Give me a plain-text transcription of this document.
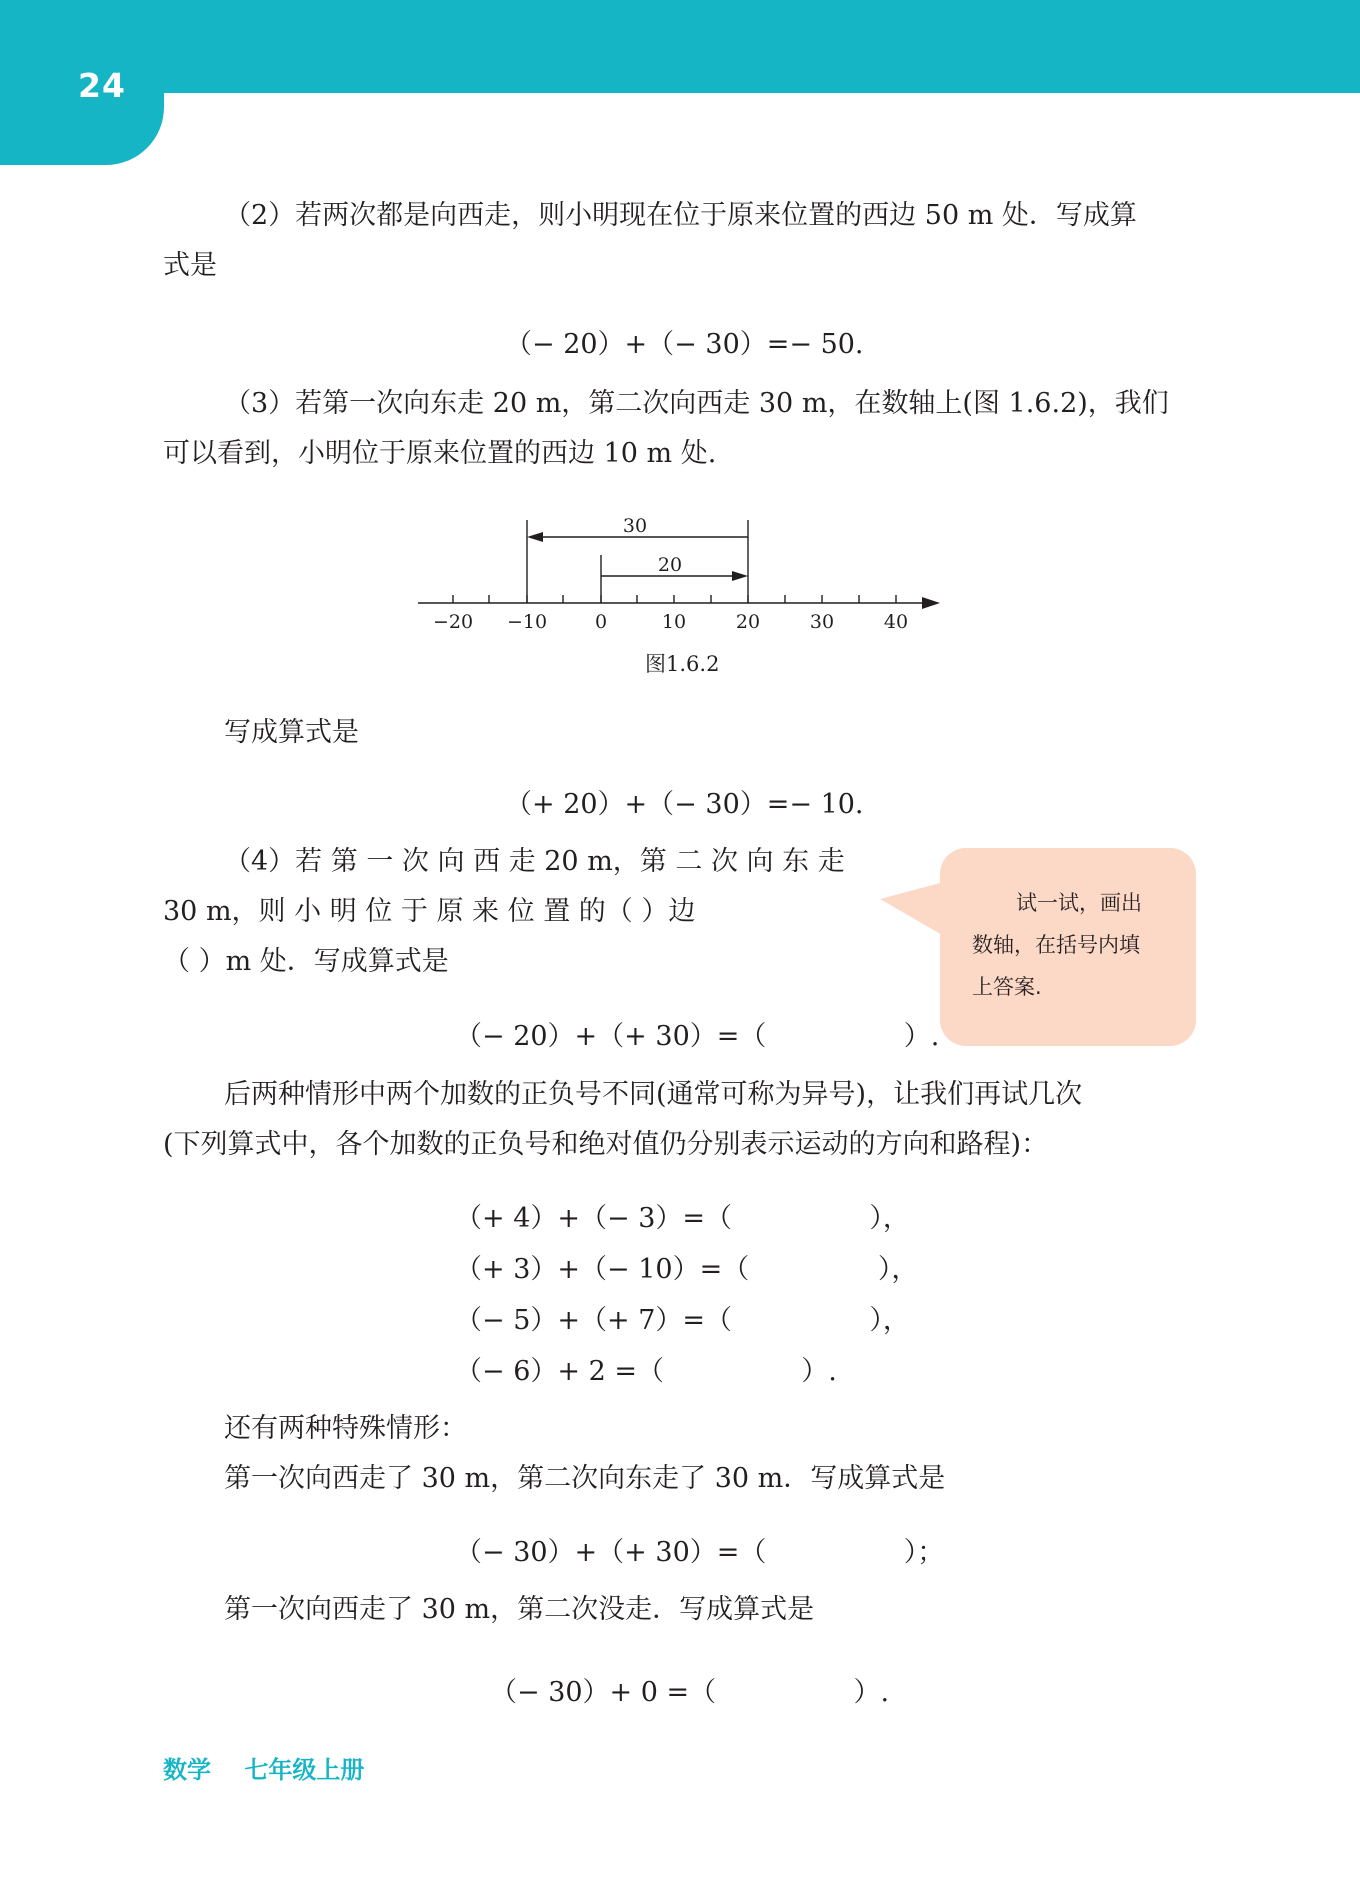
24

（2）若两次都是向西走，则小明现在位于原来位置的西边 50 m 处．写成算

式是

（− 20）+（− 30）=− 50.

（3）若第一次向东走 20 m，第二次向西走 30 m，在数轴上(图 1.6.2)，我们

可以看到，小明位于原来位置的西边 10 m 处.

−20 −10	0	10	20	30	40
30
20
图1.6.2

写成算式是

（+ 20）+（− 30）=− 10.

（4）若 第 一 次 向 西 走 20 m，第 二 次 向 东 走

30 m，则 小 明 位 于 原 来 位 置 的（ ）边

（ ）m 处．写成算式是

（− 20）+（+ 30）=（                ）.
试一试，画出
数轴，在括号内填
上答案.

后两种情形中两个加数的正负号不同(通常可称为异号)，让我们再试几次

(下列算式中，各个加数的正负号和绝对值仍分别表示运动的方向和路程)：

（+ 4）+（− 3）=（                ），
（+ 3）+（− 10）=（               ），
（− 5）+（+ 7）=（                ），
（− 6）+ 2 =（                ）.

还有两种特殊情形：

第一次向西走了 30 m，第二次向东走了 30 m．写成算式是

（− 30）+（+ 30）=（                ）；

第一次向西走了 30 m，第二次没走．写成算式是

（− 30）+ 0 =（                ）.
数学    七年级上册
